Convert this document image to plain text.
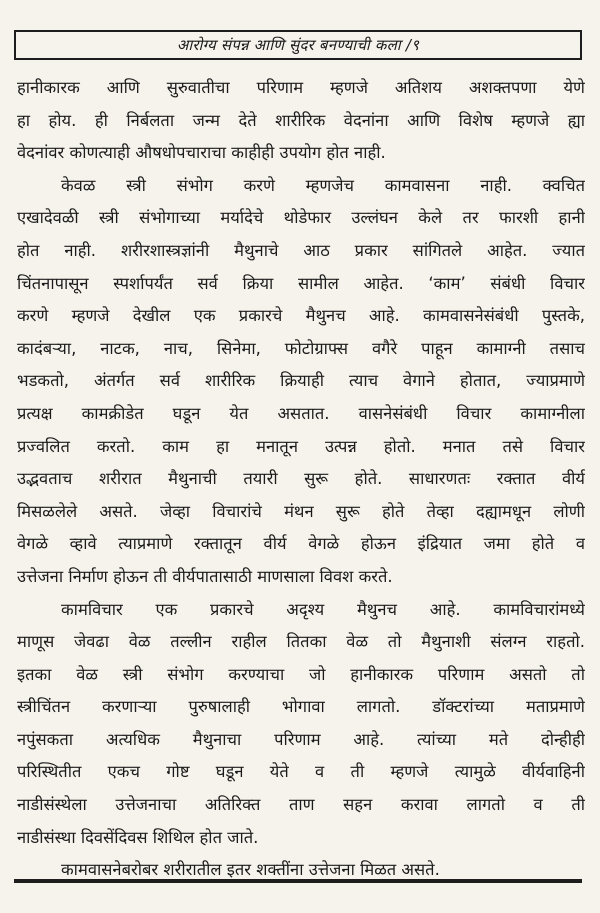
आरोग्य संपन्न आणि सुंदर बनण्याची कला /९
हानीकारक आणि सुरुवातीचा परिणाम म्हणजे अतिशय अशक्तपणा येणे
हा होय. ही निर्बलता जन्म देते शारीरिक वेदनांना आणि विशेष म्हणजे ह्या
वेदनांवर कोणत्याही औषधोपचाराचा काहीही उपयोग होत नाही.
केवळ स्त्री संभोग करणे म्हणजेच कामवासना नाही. क्वचित
एखादेवळी स्त्री संभोगाच्या मर्यादेचे थोडेफार उल्लंघन केले तर फारशी हानी
होत नाही. शरीरशास्त्रज्ञांनी मैथुनाचे आठ प्रकार सांगितले आहेत. ज्यात
चिंतनापासून स्पर्शापर्यंत सर्व क्रिया सामील आहेत. ‘काम’ संबंधी विचार
करणे म्हणजे देखील एक प्रकारचे मैथुनच आहे. कामवासनेसंबंधी पुस्तके,
कादंबऱ्या, नाटक, नाच, सिनेमा, फोटोग्राफ्स वगैरे पाहून कामाग्नी तसाच
भडकतो, अंतर्गत सर्व शारीरिक क्रियाही त्याच वेगाने होतात, ज्याप्रमाणे
प्रत्यक्ष कामक्रीडेत घडून येत असतात. वासनेसंबंधी विचार कामाग्नीला
प्रज्वलित करतो. काम हा मनातून उत्पन्न होतो. मनात तसे विचार
उद्भवताच शरीरात मैथुनाची तयारी सुरू होते. साधारणतः रक्तात वीर्य
मिसळलेले असते. जेव्हा विचारांचे मंथन सुरू होते तेव्हा दह्यामधून लोणी
वेगळे व्हावे त्याप्रमाणे रक्तातून वीर्य वेगळे होऊन इंद्रियात जमा होते व
उत्तेजना निर्माण होऊन ती वीर्यपातासाठी माणसाला विवश करते.
कामविचार एक प्रकारचे अदृश्य मैथुनच आहे. कामविचारांमध्ये
माणूस जेवढा वेळ तल्लीन राहील तितका वेळ तो मैथुनाशी संलग्न राहतो.
इतका वेळ स्त्री संभोग करण्याचा जो हानीकारक परिणाम असतो तो
स्त्रीचिंतन करणाऱ्या पुरुषालाही भोगावा लागतो. डॉक्टरांच्या मताप्रमाणे
नपुंसकता अत्यधिक मैथुनाचा परिणाम आहे. त्यांच्या मते दोन्हीही
परिस्थितीत एकच गोष्ट घडून येते व ती म्हणजे त्यामुळे वीर्यवाहिनी
नाडीसंस्थेला उत्तेजनाचा अतिरिक्त ताण सहन करावा लागतो व ती
नाडीसंस्था दिवसेंदिवस शिथिल होत जाते.
कामवासनेबरोबर शरीरातील इतर शक्तींना उत्तेजना मिळत असते.
